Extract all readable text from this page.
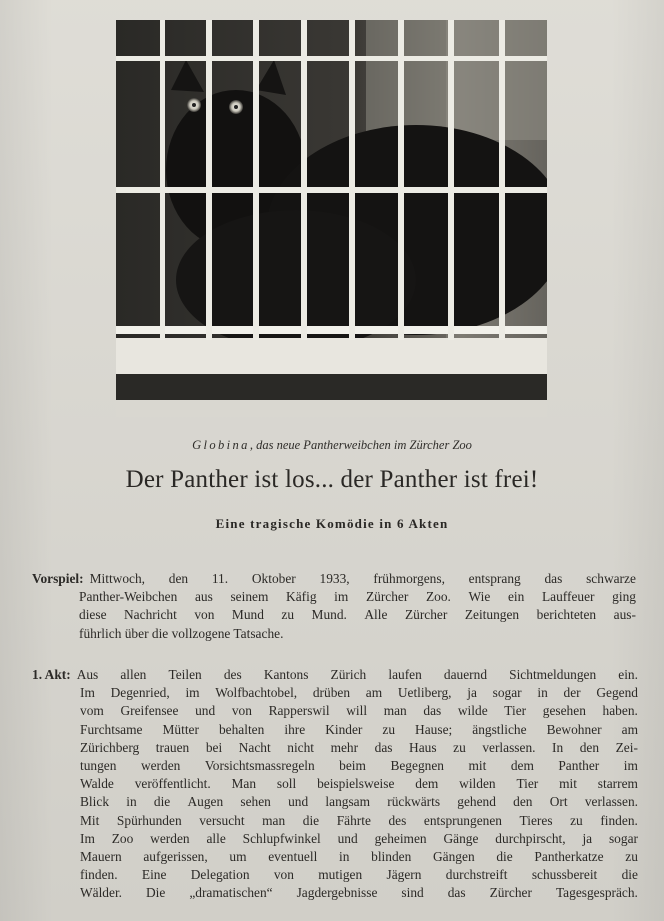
Globina, das neue Pantherweibchen im Zürcher Zoo
Der Panther ist los... der Panther ist frei!
Eine tragische Komödie in 6 Akten
Vorspiel: Mittwoch, den 11. Oktober 1933, frühmorgens, entsprang das schwarze
Panther-Weibchen aus seinem Käfig im Zürcher Zoo. Wie ein Lauffeuer ging
diese Nachricht von Mund zu Mund. Alle Zürcher Zeitungen berichteten aus-
führlich über die vollzogene Tatsache.
1. Akt: Aus allen Teilen des Kantons Zürich laufen dauernd Sichtmeldungen ein.
Im Degenried, im Wolfbachtobel, drüben am Uetliberg, ja sogar in der Gegend
vom Greifensee und von Rapperswil will man das wilde Tier gesehen haben.
Furchtsame Mütter behalten ihre Kinder zu Hause; ängstliche Bewohner am
Zürichberg trauen bei Nacht nicht mehr das Haus zu verlassen. In den Zei-
tungen werden Vorsichtsmassregeln beim Begegnen mit dem Panther im
Walde veröffentlicht. Man soll beispielsweise dem wilden Tier mit starrem
Blick in die Augen sehen und langsam rückwärts gehend den Ort verlassen.
Mit Spürhunden versucht man die Fährte des entsprungenen Tieres zu finden.
Im Zoo werden alle Schlupfwinkel und geheimen Gänge durchpirscht, ja sogar
Mauern aufgerissen, um eventuell in blinden Gängen die Pantherkatze zu
finden. Eine Delegation von mutigen Jägern durchstreift schussbereit die
Wälder. Die „dramatischen“ Jagdergebnisse sind das Zürcher Tagesgespräch.
